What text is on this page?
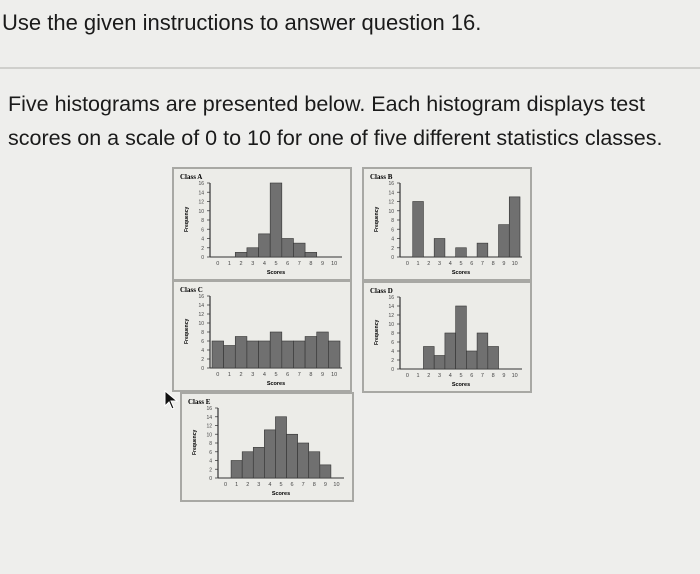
Use the given instructions to answer question 16.
Five histograms are presented below. Each histogram displays test
scores on a scale of 0 to 10 for one of five different statistics classes.
Class A
Frequency
0
2
4
6
8
10
12
14
16
0 1 2 3 4 5 6 7 8 9 10
Scores
Class B
Frequency
0
2
4
6
8
10
12
14
16
0 1 2 3 4 5 6 7 8 9 10
Scores
Class C
Frequency
0
2
4
6
8
10
12
14
16
0 1 2 3 4 5 6 7 8 9 10
Scores
Class D
Frequency
0
2
4
6
8
10
12
14
16
0 1 2 3 4 5 6 7 8 9 10
Scores
Class E
Frequency
0
2
4
6
8
10
12
14
16
0 1 2 3 4 5 6 7 8 9 10
Scores
